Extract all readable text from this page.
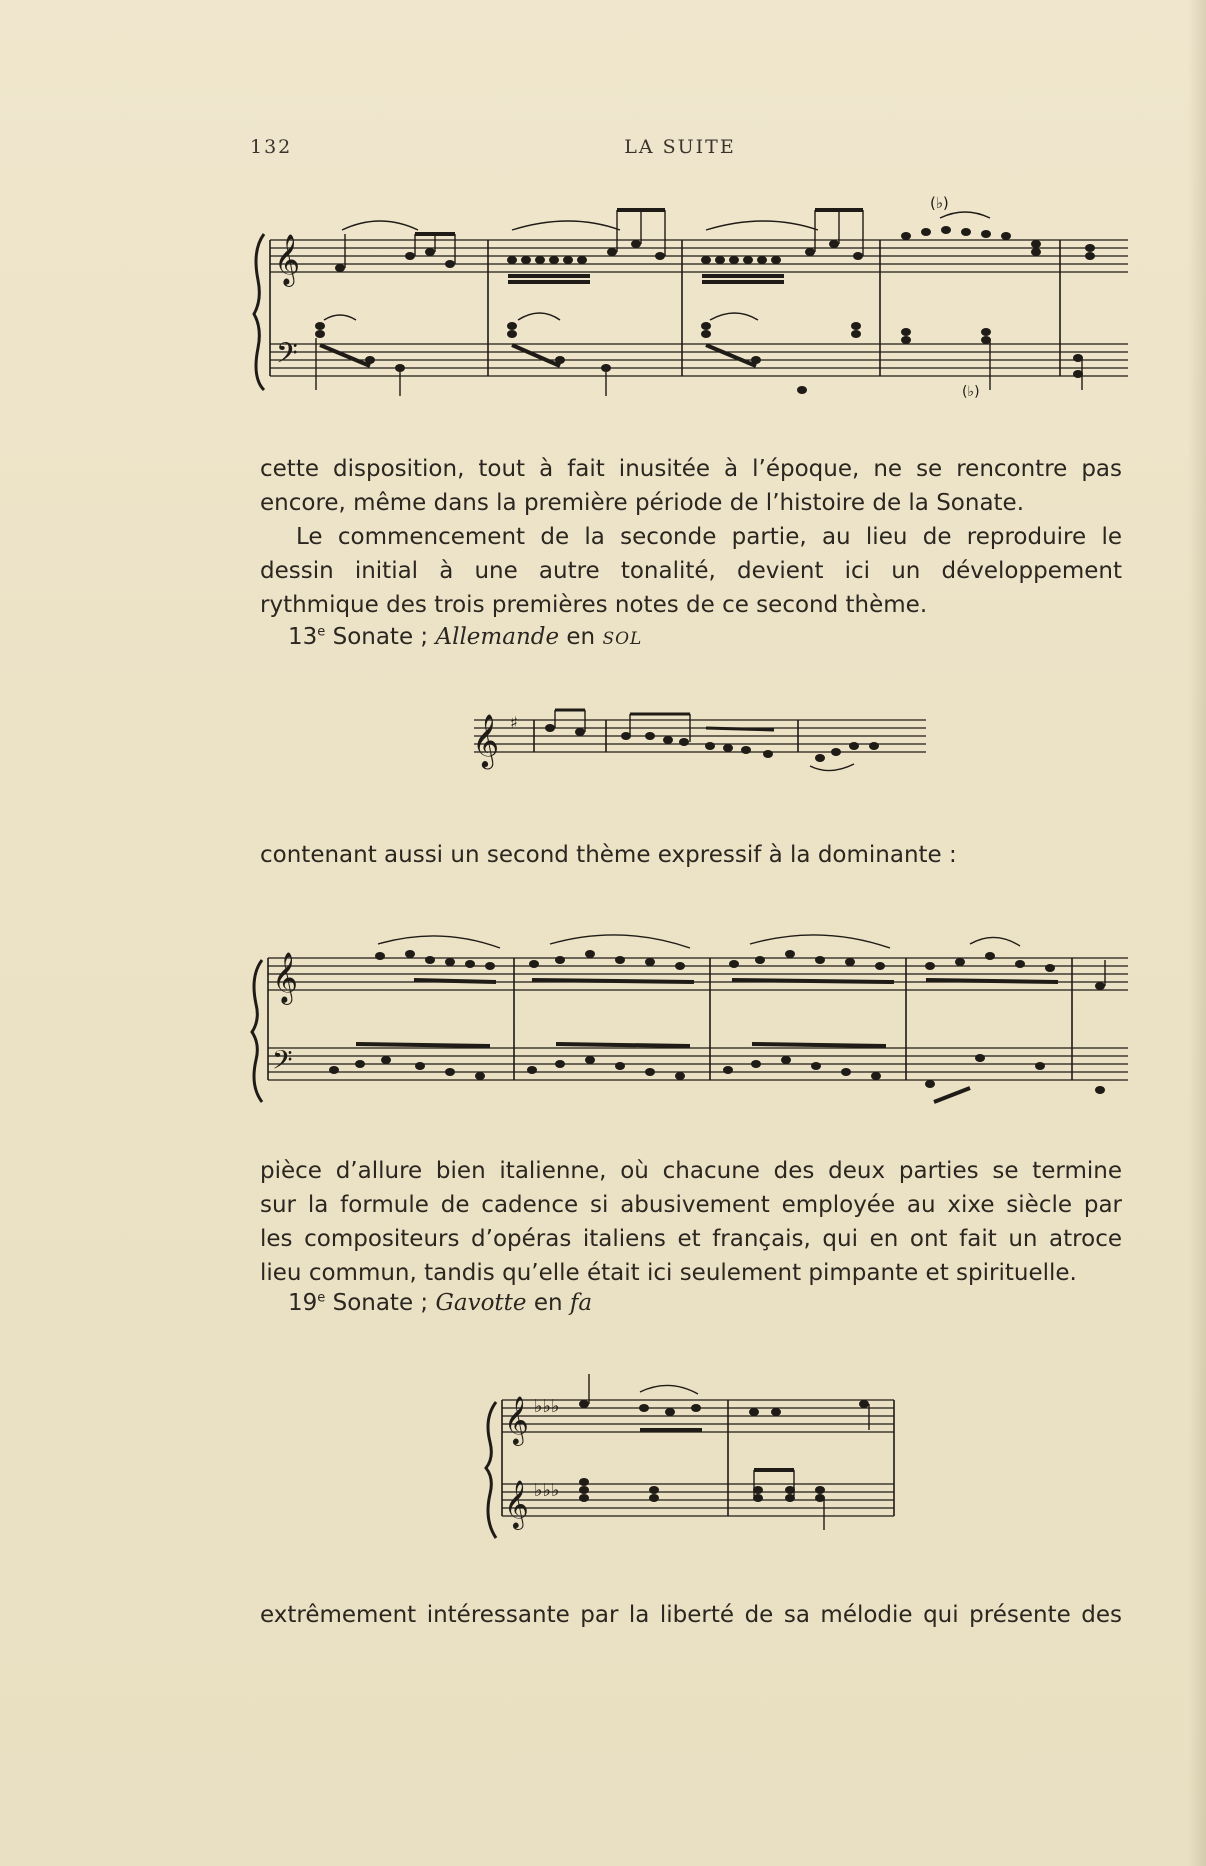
132	LA SUITE
𝄞
𝄢
(♭)
(♭)
cette disposition, tout à fait inusitée à l’époque, ne se rencontre pas
encore, même dans la première période de l’histoire de la Sonate.
Le commencement de la seconde partie, au lieu de reproduire le
dessin initial à une autre tonalité, devient ici un développement
rythmique des trois premières notes de ce second thème.
13e Sonate ; Allemande en SOL
𝄞 ♯
contenant aussi un second thème expressif à la dominante :
𝄞
𝄢
pièce d’allure bien italienne, où chacune des deux parties se termine
sur la formule de cadence si abusivement employée au xixe siècle par
les compositeurs d’opéras italiens et français, qui en ont fait un atroce
lieu commun, tandis qu’elle était ici seulement pimpante et spirituelle.
19e Sonate ; Gavotte en fa
𝄞
𝄞
♭♭♭
♭♭♭
extrêmement intéressante par la liberté de sa mélodie qui présente des
